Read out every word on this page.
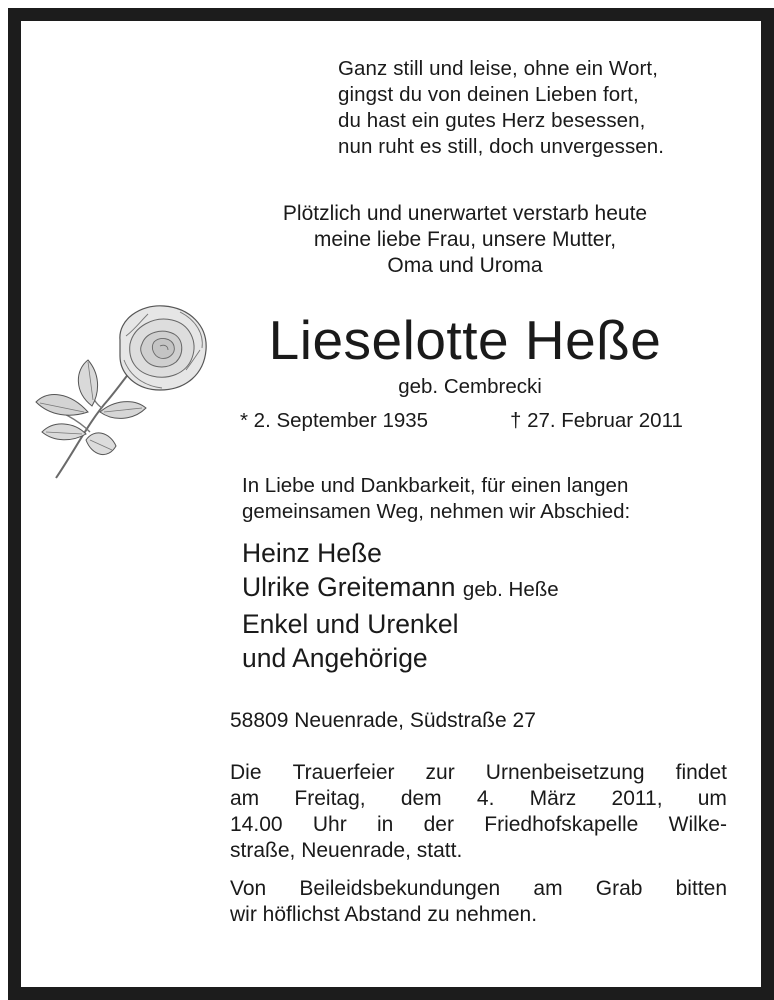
Ganz still und leise, ohne ein Wort,
gingst du von deinen Lieben fort,
du hast ein gutes Herz besessen,
nun ruht es still, doch unvergessen.
Plötzlich und unerwartet verstarb heute
meine liebe Frau, unsere Mutter,
Oma und Uroma
Lieselotte Heße
geb. Cembrecki
* 2. September 1935	† 27. Februar 2011
In Liebe und Dankbarkeit, für einen langen
gemeinsamen Weg, nehmen wir Abschied:
Heinz Heße
Ulrike Greitemann geb. Heße
Enkel und Urenkel
und Angehörige
58809 Neuenrade, Südstraße 27
Die Trauerfeier zur Urnenbeisetzung findet
am Freitag, dem 4. März 2011, um
14.00 Uhr in der Friedhofskapelle Wilke-
straße, Neuenrade, statt.
Von Beileidsbekundungen am Grab bitten
wir höflichst Abstand zu nehmen.
